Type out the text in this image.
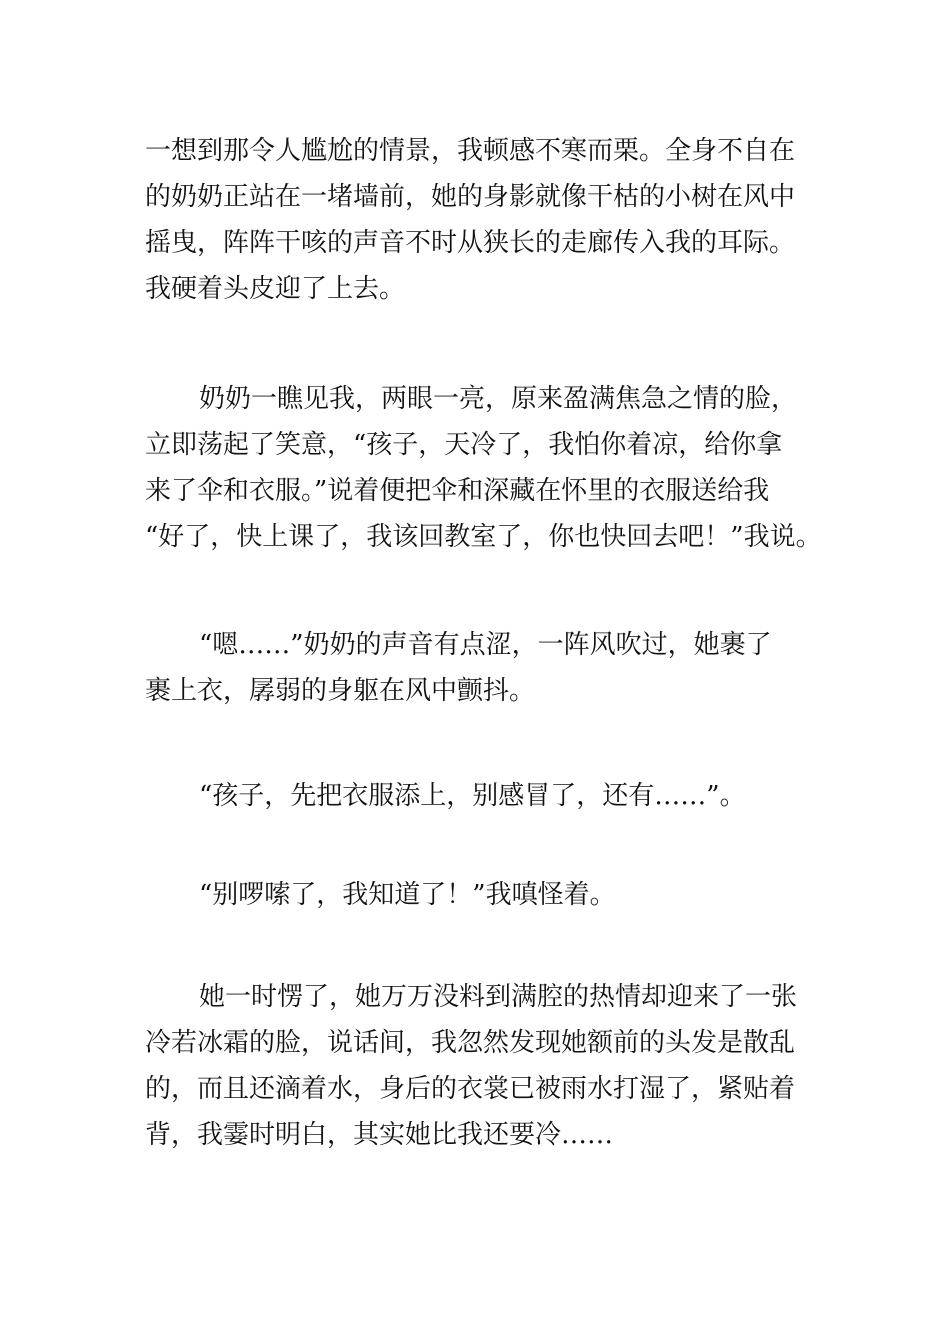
一想到那令人尴尬的情景，我顿感不寒而栗。全身不自在
的奶奶正站在一堵墙前，她的身影就像干枯的小树在风中
摇曳，阵阵干咳的声音不时从狭长的走廊传入我的耳际。
我硬着头皮迎了上去。
奶奶一瞧见我，两眼一亮，原来盈满焦急之情的脸，
立即荡起了笑意，“孩子，天冷了，我怕你着凉，给你拿
来了伞和衣服。”说着便把伞和深藏在怀里的衣服送给我
“好了，快上课了，我该回教室了，你也快回去吧！”我说。
“嗯……”奶奶的声音有点涩，一阵风吹过，她裹了
裹上衣，孱弱的身躯在风中颤抖。
“孩子，先把衣服添上，别感冒了，还有……”。
“别啰嗦了，我知道了！”我嗔怪着。
她一时愣了，她万万没料到满腔的热情却迎来了一张
冷若冰霜的脸，说话间，我忽然发现她额前的头发是散乱
的，而且还滴着水，身后的衣裳已被雨水打湿了，紧贴着
背，我霎时明白，其实她比我还要冷……
